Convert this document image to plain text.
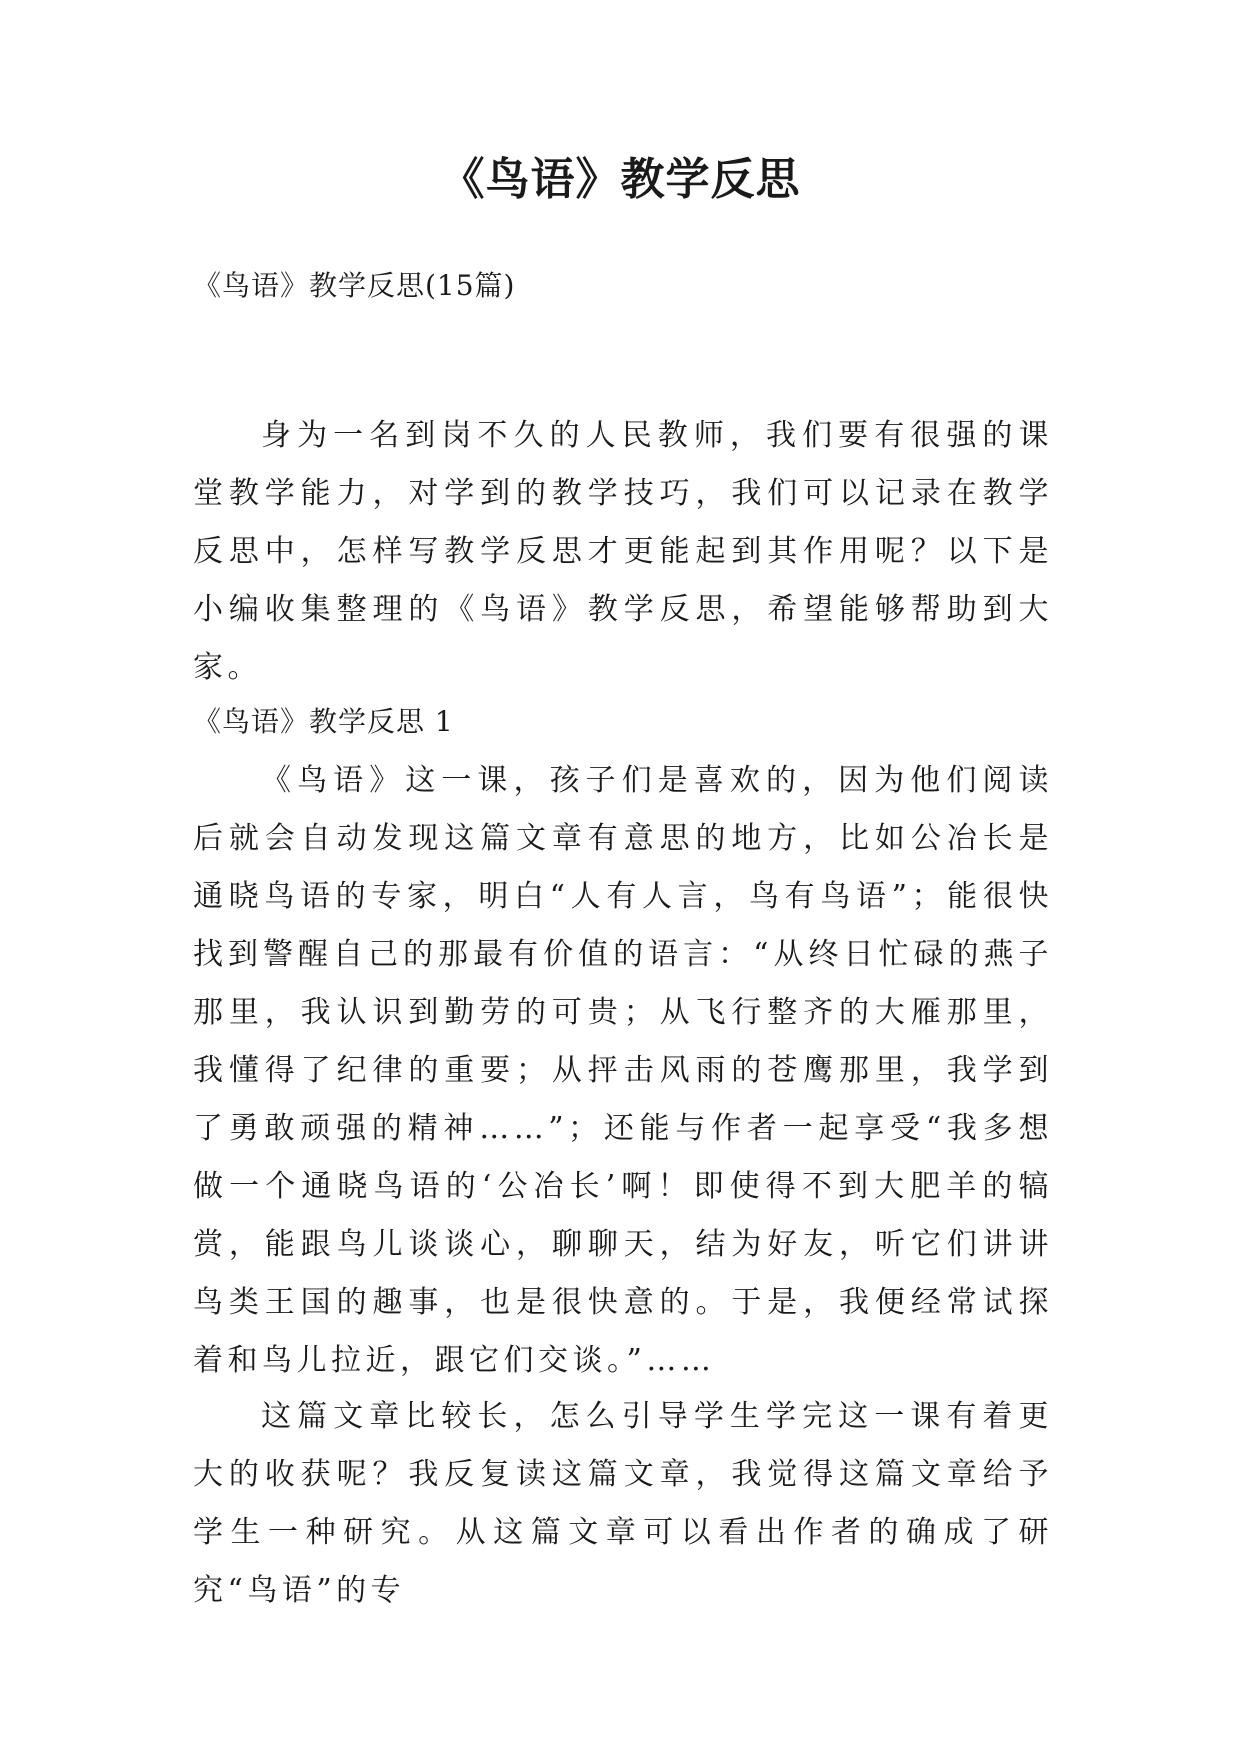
《鸟语》教学反思
《鸟语》教学反思(15篇)

身为一名到岗不久的人民教师，我们要有很强的课堂教学能力，对学到的教学技巧，我们可以记录在教学反思中，怎样写教学反思才更能起到其作用呢？以下是小编收集整理的《鸟语》教学反思，希望能够帮助到大家。

《鸟语》教学反思 1

《鸟语》这一课，孩子们是喜欢的，因为他们阅读后就会自动发现这篇文章有意思的地方，比如公冶长是通晓鸟语的专家，明白“人有人言，鸟有鸟语”；能很快找到警醒自己的那最有价值的语言：“从终日忙碌的燕子那里，我认识到勤劳的可贵；从飞行整齐的大雁那里，我懂得了纪律的重要；从抨击风雨的苍鹰那里，我学到了勇敢顽强的精神……”；还能与作者一起享受“我多想做一个通晓鸟语的‘公冶长’啊！即使得不到大肥羊的犒赏，能跟鸟儿谈谈心，聊聊天，结为好友，听它们讲讲鸟类王国的趣事，也是很快意的。于是，我便经常试探着和鸟儿拉近，跟它们交谈。”……

这篇文章比较长，怎么引导学生学完这一课有着更大的收获呢？我反复读这篇文章，我觉得这篇文章给予学生一种研究。从这篇文章可以看出作者的确成了研究“鸟语”的专
